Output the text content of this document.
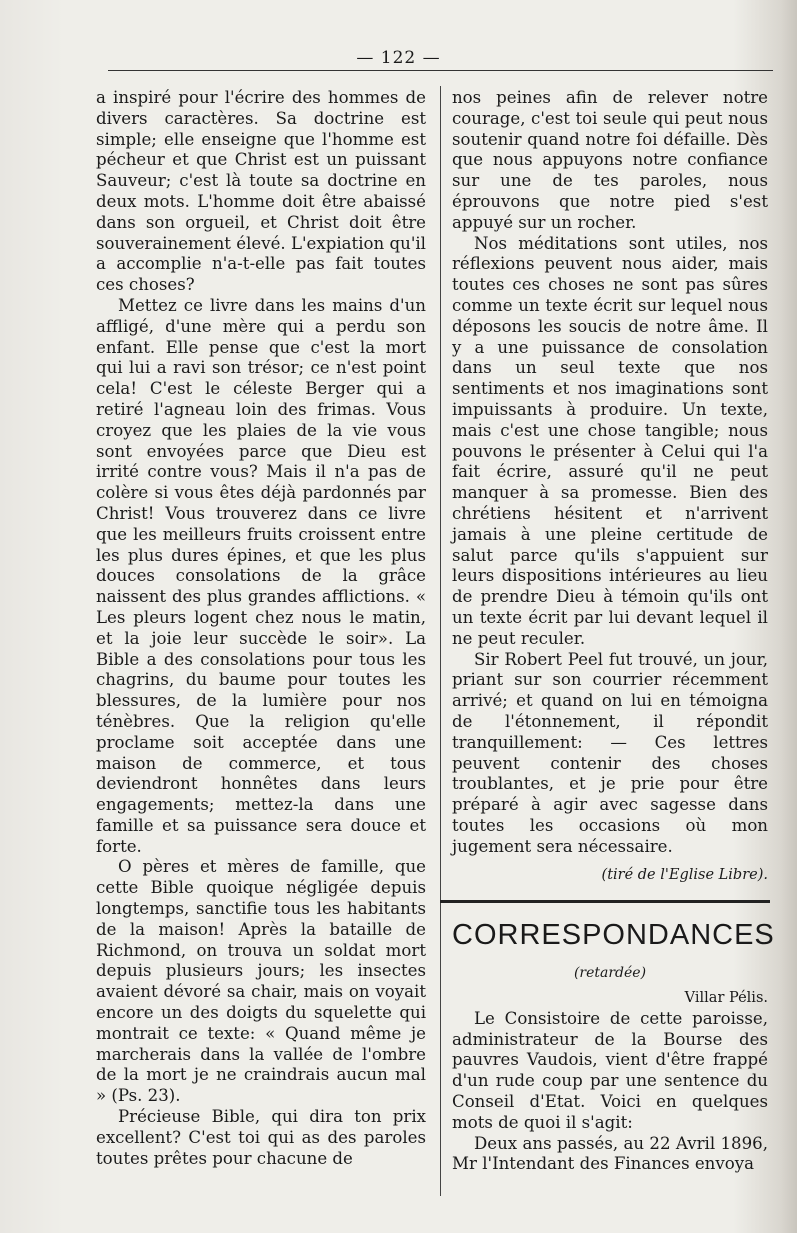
— 122 —

a inspiré pour l'écrire des hommes de divers caractères. Sa doctrine est simple; elle enseigne que l'homme est pécheur et que Christ est un puissant Sauveur; c'est là toute sa doctrine en deux mots. L'homme doit être abaissé dans son orgueil, et Christ doit être souverainement élevé. L'expiation qu'il a accomplie n'a-t-elle pas fait toutes ces choses?

Mettez ce livre dans les mains d'un affligé, d'une mère qui a perdu son enfant. Elle pense que c'est la mort qui lui a ravi son trésor; ce n'est point cela! C'est le céleste Berger qui a retiré l'agneau loin des frimas. Vous croyez que les plaies de la vie vous sont envoyées parce que Dieu est irrité contre vous? Mais il n'a pas de colère si vous êtes déjà pardonnés par Christ! Vous trouverez dans ce livre que les meilleurs fruits croissent entre les plus dures épines, et que les plus douces consolations de la grâce naissent des plus grandes afflictions. « Les pleurs logent chez nous le matin, et la joie leur succède le soir». La Bible a des consolations pour tous les chagrins, du baume pour toutes les blessures, de la lumière pour nos ténèbres. Que la religion qu'elle proclame soit acceptée dans une maison de commerce, et tous deviendront honnêtes dans leurs engagements; mettez-la dans une famille et sa puissance sera douce et forte.

O pères et mères de famille, que cette Bible quoique négligée depuis longtemps, sanctifie tous les habitants de la maison! Après la bataille de Richmond, on trouva un soldat mort depuis plusieurs jours; les insectes avaient dévoré sa chair, mais on voyait encore un des doigts du squelette qui montrait ce texte: « Quand même je marcherais dans la vallée de l'ombre de la mort je ne craindrais aucun mal » (Ps. 23).

Précieuse Bible, qui dira ton prix excellent? C'est toi qui as des paroles toutes prêtes pour chacune de

nos peines afin de relever notre courage, c'est toi seule qui peut nous soutenir quand notre foi défaille. Dès que nous appuyons notre confiance sur une de tes paroles, nous éprouvons que notre pied s'est appuyé sur un rocher.

Nos méditations sont utiles, nos réflexions peuvent nous aider, mais toutes ces choses ne sont pas sûres comme un texte écrit sur lequel nous déposons les soucis de notre âme. Il y a une puissance de consolation dans un seul texte que nos sentiments et nos imaginations sont impuissants à produire. Un texte, mais c'est une chose tangible; nous pouvons le présenter à Celui qui l'a fait écrire, assuré qu'il ne peut manquer à sa promesse. Bien des chrétiens hésitent et n'arrivent jamais à une pleine certitude de salut parce qu'ils s'appuient sur leurs dispositions intérieures au lieu de prendre Dieu à témoin qu'ils ont un texte écrit par lui devant lequel il ne peut reculer.

Sir Robert Peel fut trouvé, un jour, priant sur son courrier récemment arrivé; et quand on lui en témoigna de l'étonnement, il répondit tranquillement: — Ces lettres peuvent contenir des choses troublantes, et je prie pour être préparé à agir avec sagesse dans toutes les occasions où mon jugement sera nécessaire.

(tiré de l'Eglise Libre).

CORRESPONDANCES

(retardée)

Villar Pélis.

Le Consistoire de cette paroisse, administrateur de la Bourse des pauvres Vaudois, vient d'être frappé d'un rude coup par une sentence du Conseil d'Etat. Voici en quelques mots de quoi il s'agit:

Deux ans passés, au 22 Avril 1896, Mr l'Intendant des Finances envoya
